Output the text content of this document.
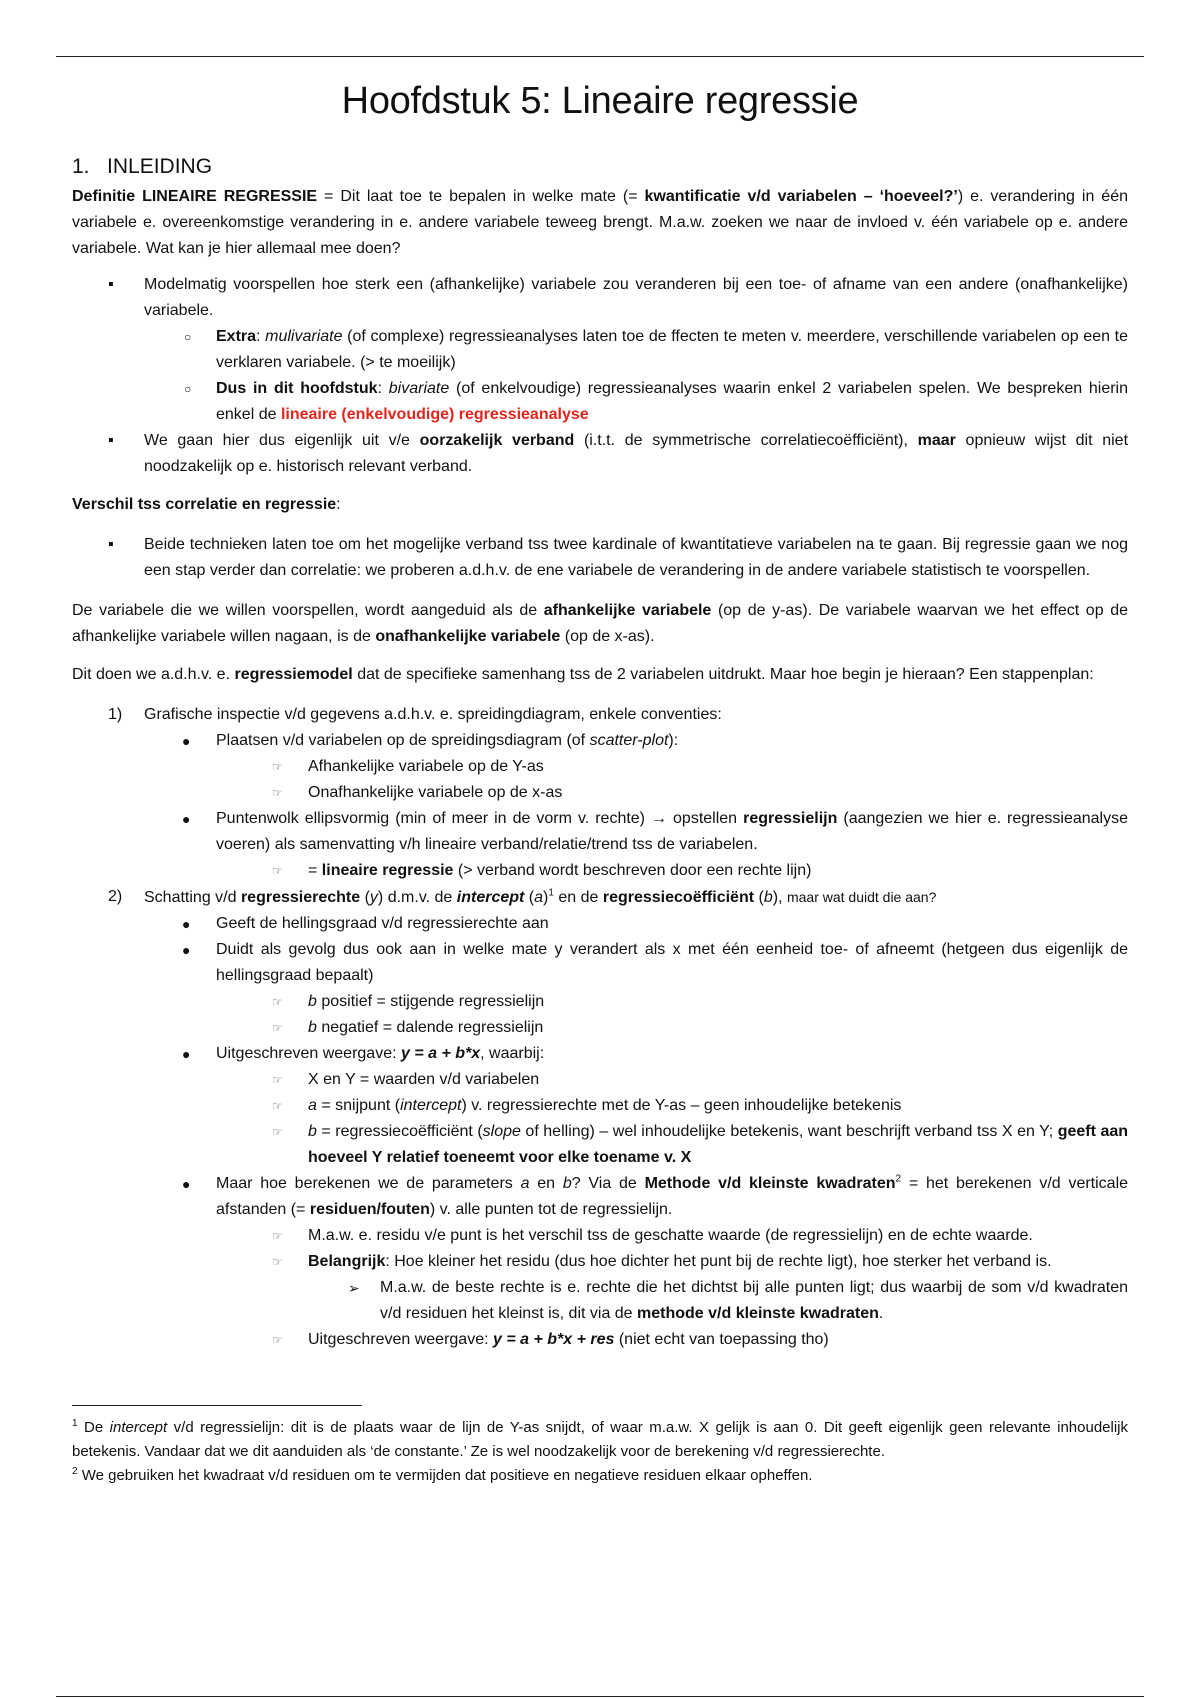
Hoofdstuk 5: Lineaire regressie
1. INLEIDING

Definitie LINEAIRE REGRESSIE = Dit laat toe te bepalen in welke mate (= kwantificatie v/d variabelen – ‘hoeveel?’) e. verandering in één variabele e. overeenkomstige verandering in e. andere variabele teweeg brengt. M.a.w. zoeken we naar de invloed v. één variabele op e. andere variabele. Wat kan je hier allemaal mee doen?

▪ Modelmatig voorspellen hoe sterk een (afhankelijke) variabele zou veranderen bij een toe- of afname van een andere (onafhankelijke) variabele.
○ Extra: mulivariate (of complexe) regressieanalyses laten toe de ffecten te meten v. meerdere, verschillende variabelen op een te verklaren variabele. (> te moeilijk)
○ Dus in dit hoofdstuk: bivariate (of enkelvoudige) regressieanalyses waarin enkel 2 variabelen spelen. We bespreken hierin enkel de lineaire (enkelvoudige) regressieanalyse
▪ We gaan hier dus eigenlijk uit v/e oorzakelijk verband (i.t.t. de symmetrische correlatiecoëfficiënt), maar opnieuw wijst dit niet noodzakelijk op e. historisch relevant verband.

Verschil tss correlatie en regressie:

▪ Beide technieken laten toe om het mogelijke verband tss twee kardinale of kwantitatieve variabelen na te gaan. Bij regressie gaan we nog een stap verder dan correlatie: we proberen a.d.h.v. de ene variabele de verandering in de andere variabele statistisch te voorspellen.

De variabele die we willen voorspellen, wordt aangeduid als de afhankelijke variabele (op de y-as). De variabele waarvan we het effect op de afhankelijke variabele willen nagaan, is de onafhankelijke variabele (op de x-as).

Dit doen we a.d.h.v. e. regressiemodel dat de specifieke samenhang tss de 2 variabelen uitdrukt. Maar hoe begin je hieraan? Een stappenplan:

1) Grafische inspectie v/d gegevens a.d.h.v. e. spreidingdiagram, enkele conventies:
● Plaatsen v/d variabelen op de spreidingsdiagram (of scatter-plot):
☞ Afhankelijke variabele op de Y-as
☞ Onafhankelijke variabele op de x-as
● Puntenwolk ellipsvormig (min of meer in de vorm v. rechte) → opstellen regressielijn (aangezien we hier e. regressieanalyse voeren) als samenvatting v/h lineaire verband/relatie/trend tss de variabelen.
☞ = lineaire regressie (> verband wordt beschreven door een rechte lijn)
2) Schatting v/d regressierechte (y) d.m.v. de intercept $(a)^1$ en de regressiecoëfficiënt (b), maar wat duidt die aan?
● Geeft de hellingsgraad v/d regressierechte aan
● Duidt als gevolg dus ook aan in welke mate y verandert als x met één eenheid toe- of afneemt (hetgeen dus eigenlijk de hellingsgraad bepaalt)
☞ b positief = stijgende regressielijn
☞ b negatief = dalende regressielijn
● Uitgeschreven weergave: y = a + b*x, waarbij:
☞ X en Y = waarden v/d variabelen
☞ a = snijpunt (intercept) v. regressierechte met de Y-as – geen inhoudelijke betekenis
☞ b = regressiecoëfficiënt (slope of helling) – wel inhoudelijke betekenis, want beschrijft verband tss X en Y; geeft aan hoeveel Y relatief toeneemt voor elke toename v. X
● Maar hoe berekenen we de parameters a en b? Via de Methode v/d kleinste kwadraten$^2$ = het berekenen v/d verticale afstanden (= residuen/fouten) v. alle punten tot de regressielijn.
☞ M.a.w. e. residu v/e punt is het verschil tss de geschatte waarde (de regressielijn) en de echte waarde.
☞ Belangrijk: Hoe kleiner het residu (dus hoe dichter het punt bij de rechte ligt), hoe sterker het verband is.
➢ M.a.w. de beste rechte is e. rechte die het dichtst bij alle punten ligt; dus waarbij de som v/d kwadraten v/d residuen het kleinst is, dit via de methode v/d kleinste kwadraten.
☞ Uitgeschreven weergave: y = a + b*x + res (niet echt van toepassing tho)

$^1$ De intercept v/d regressielijn: dit is de plaats waar de lijn de Y-as snijdt, of waar m.a.w. X gelijk is aan 0. Dit geeft eigenlijk geen relevante inhoudelijk betekenis. Vandaar dat we dit aanduiden als ‘de constante.’ Ze is wel noodzakelijk voor de berekening v/d regressierechte.

$^2$ We gebruiken het kwadraat v/d residuen om te vermijden dat positieve en negatieve residuen elkaar opheffen.
